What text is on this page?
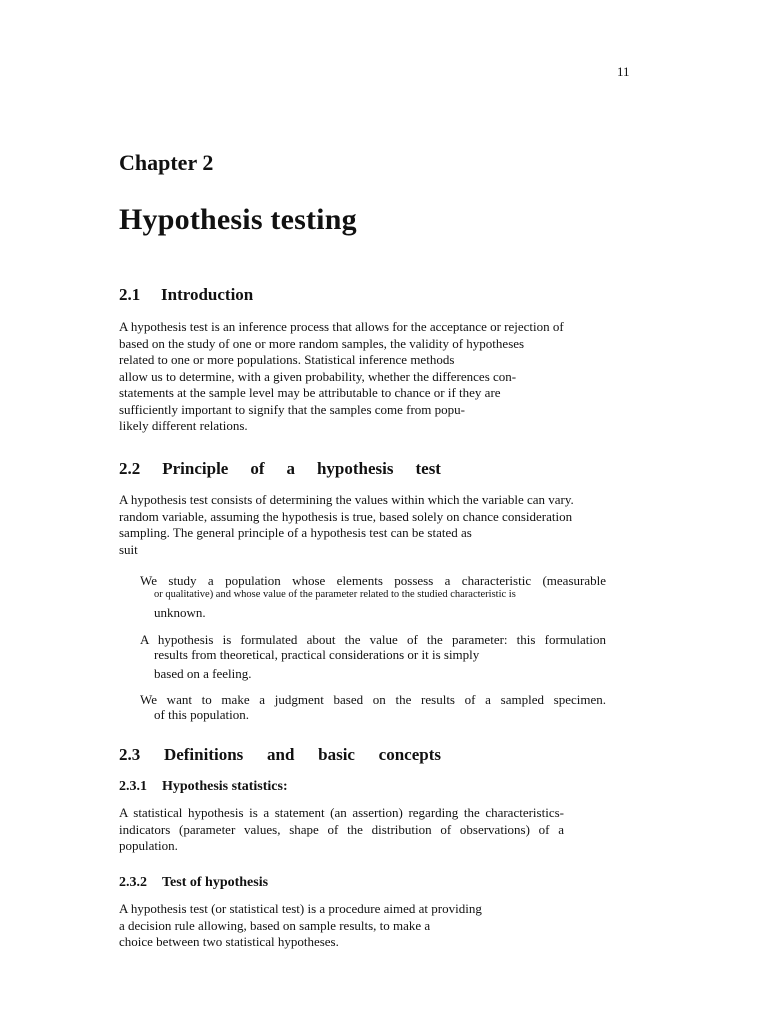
11
Chapter 2
Hypothesis testing
2.1 Introduction
A hypothesis test is an inference process that allows for the acceptance or rejection of
based on the study of one or more random samples, the validity of hypotheses
related to one or more populations. Statistical inference methods
allow us to determine, with a given probability, whether the differences con-
statements at the sample level may be attributable to chance or if they are
sufficiently important to signify that the samples come from popu-
likely different relations.
2.2 Principle of a hypothesis test
A hypothesis test consists of determining the values within which the variable can vary.
random variable, assuming the hypothesis is true, based solely on chance consideration
sampling. The general principle of a hypothesis test can be stated as
suit
We study a population whose elements possess a characteristic (measurable
or qualitative) and whose value of the parameter related to the studied characteristic is
unknown.
A hypothesis is formulated about the value of the parameter: this formulation
results from theoretical, practical considerations or it is simply
based on a feeling.
We want to make a judgment based on the results of a sampled specimen.
of this population.
2.3 Definitions and basic concepts
2.3.1 Hypothesis statistics:
A statistical hypothesis is a statement (an assertion) regarding the characteristics-
indicators (parameter values, shape of the distribution of observations) of a
population.
2.3.2 Test of hypothesis
A hypothesis test (or statistical test) is a procedure aimed at providing
a decision rule allowing, based on sample results, to make a
choice between two statistical hypotheses.
